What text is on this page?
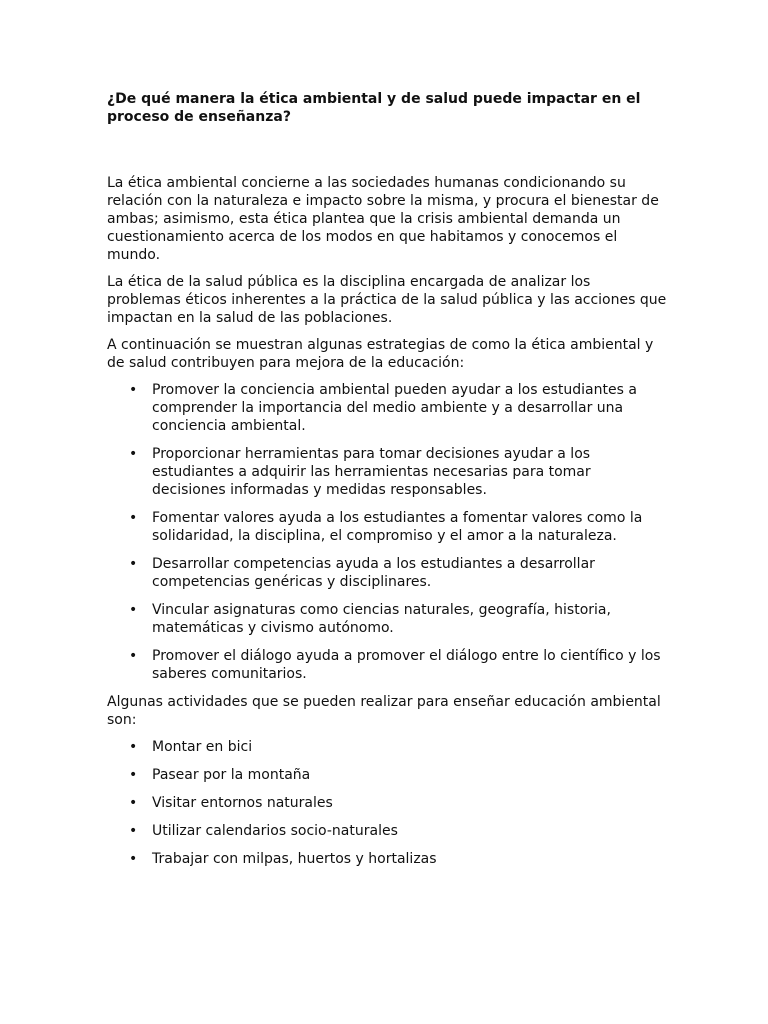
¿De qué manera la ética ambiental y de salud puede impactar en el proceso de enseñanza?

La ética ambiental concierne a las sociedades humanas condicionando su relación con la naturaleza e impacto sobre la misma, y procura el bienestar de ambas; asimismo, esta ética plantea que la crisis ambiental demanda un cuestionamiento acerca de los modos en que habitamos y conocemos el mundo.

La ética de la salud pública es la disciplina encargada de analizar los problemas éticos inherentes a la práctica de la salud pública y las acciones que impactan en la salud de las poblaciones.

A continuación se muestran algunas estrategias de como la ética ambiental y de salud contribuyen para mejora de la educación:

• Promover la conciencia ambiental pueden ayudar a los estudiantes a comprender la importancia del medio ambiente y a desarrollar una conciencia ambiental.
• Proporcionar herramientas para tomar decisiones ayudar a los estudiantes a adquirir las herramientas necesarias para tomar decisiones informadas y medidas responsables.
• Fomentar valores ayuda a los estudiantes a fomentar valores como la solidaridad, la disciplina, el compromiso y el amor a la naturaleza.
• Desarrollar competencias ayuda a los estudiantes a desarrollar competencias genéricas y disciplinares.
• Vincular asignaturas como ciencias naturales, geografía, historia, matemáticas y civismo autónomo.
• Promover el diálogo ayuda a promover el diálogo entre lo científico y los saberes comunitarios.

Algunas actividades que se pueden realizar para enseñar educación ambiental son:

• Montar en bici
• Pasear por la montaña
• Visitar entornos naturales
• Utilizar calendarios socio-naturales
• Trabajar con milpas, huertos y hortalizas
